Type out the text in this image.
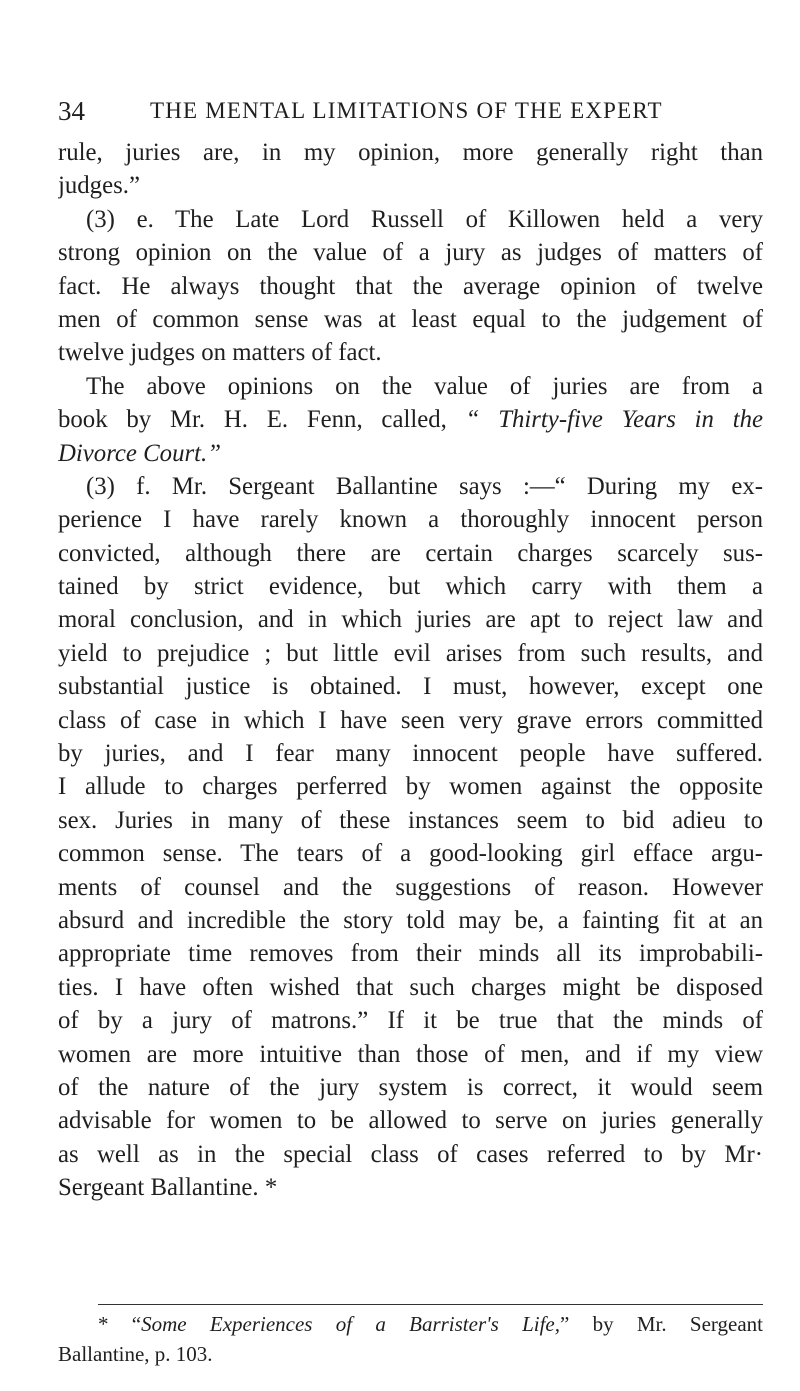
34	THE MENTAL LIMITATIONS OF THE EXPERT
rule, juries are, in my opinion, more generally right than
judges.”
(3) e. The Late Lord Russell of Killowen held a very
strong opinion on the value of a jury as judges of matters of
fact. He always thought that the average opinion of twelve
men of common sense was at least equal to the judgement of
twelve judges on matters of fact.
The above opinions on the value of juries are from a
book by Mr. H. E. Fenn, called, “ Thirty-five Years in the
Divorce Court.”
(3) f. Mr. Sergeant Ballantine says :—“ During my ex-
perience I have rarely known a thoroughly innocent person
convicted, although there are certain charges scarcely sus-
tained by strict evidence, but which carry with them a
moral conclusion, and in which juries are apt to reject law and
yield to prejudice ; but little evil arises from such results, and
substantial justice is obtained. I must, however, except one
class of case in which I have seen very grave errors committed
by juries, and I fear many innocent people have suffered.
I allude to charges perferred by women against the opposite
sex. Juries in many of these instances seem to bid adieu to
common sense. The tears of a good-looking girl efface argu-
ments of counsel and the suggestions of reason. However
absurd and incredible the story told may be, a fainting fit at an
appropriate time removes from their minds all its improbabili-
ties. I have often wished that such charges might be disposed
of by a jury of matrons.” If it be true that the minds of
women are more intuitive than those of men, and if my view
of the nature of the jury system is correct, it would seem
advisable for women to be allowed to serve on juries generally
as well as in the special class of cases referred to by Mr·
Sergeant Ballantine. *
* “Some Experiences of a Barrister's Life,” by Mr. Sergeant
Ballantine, p. 103.
